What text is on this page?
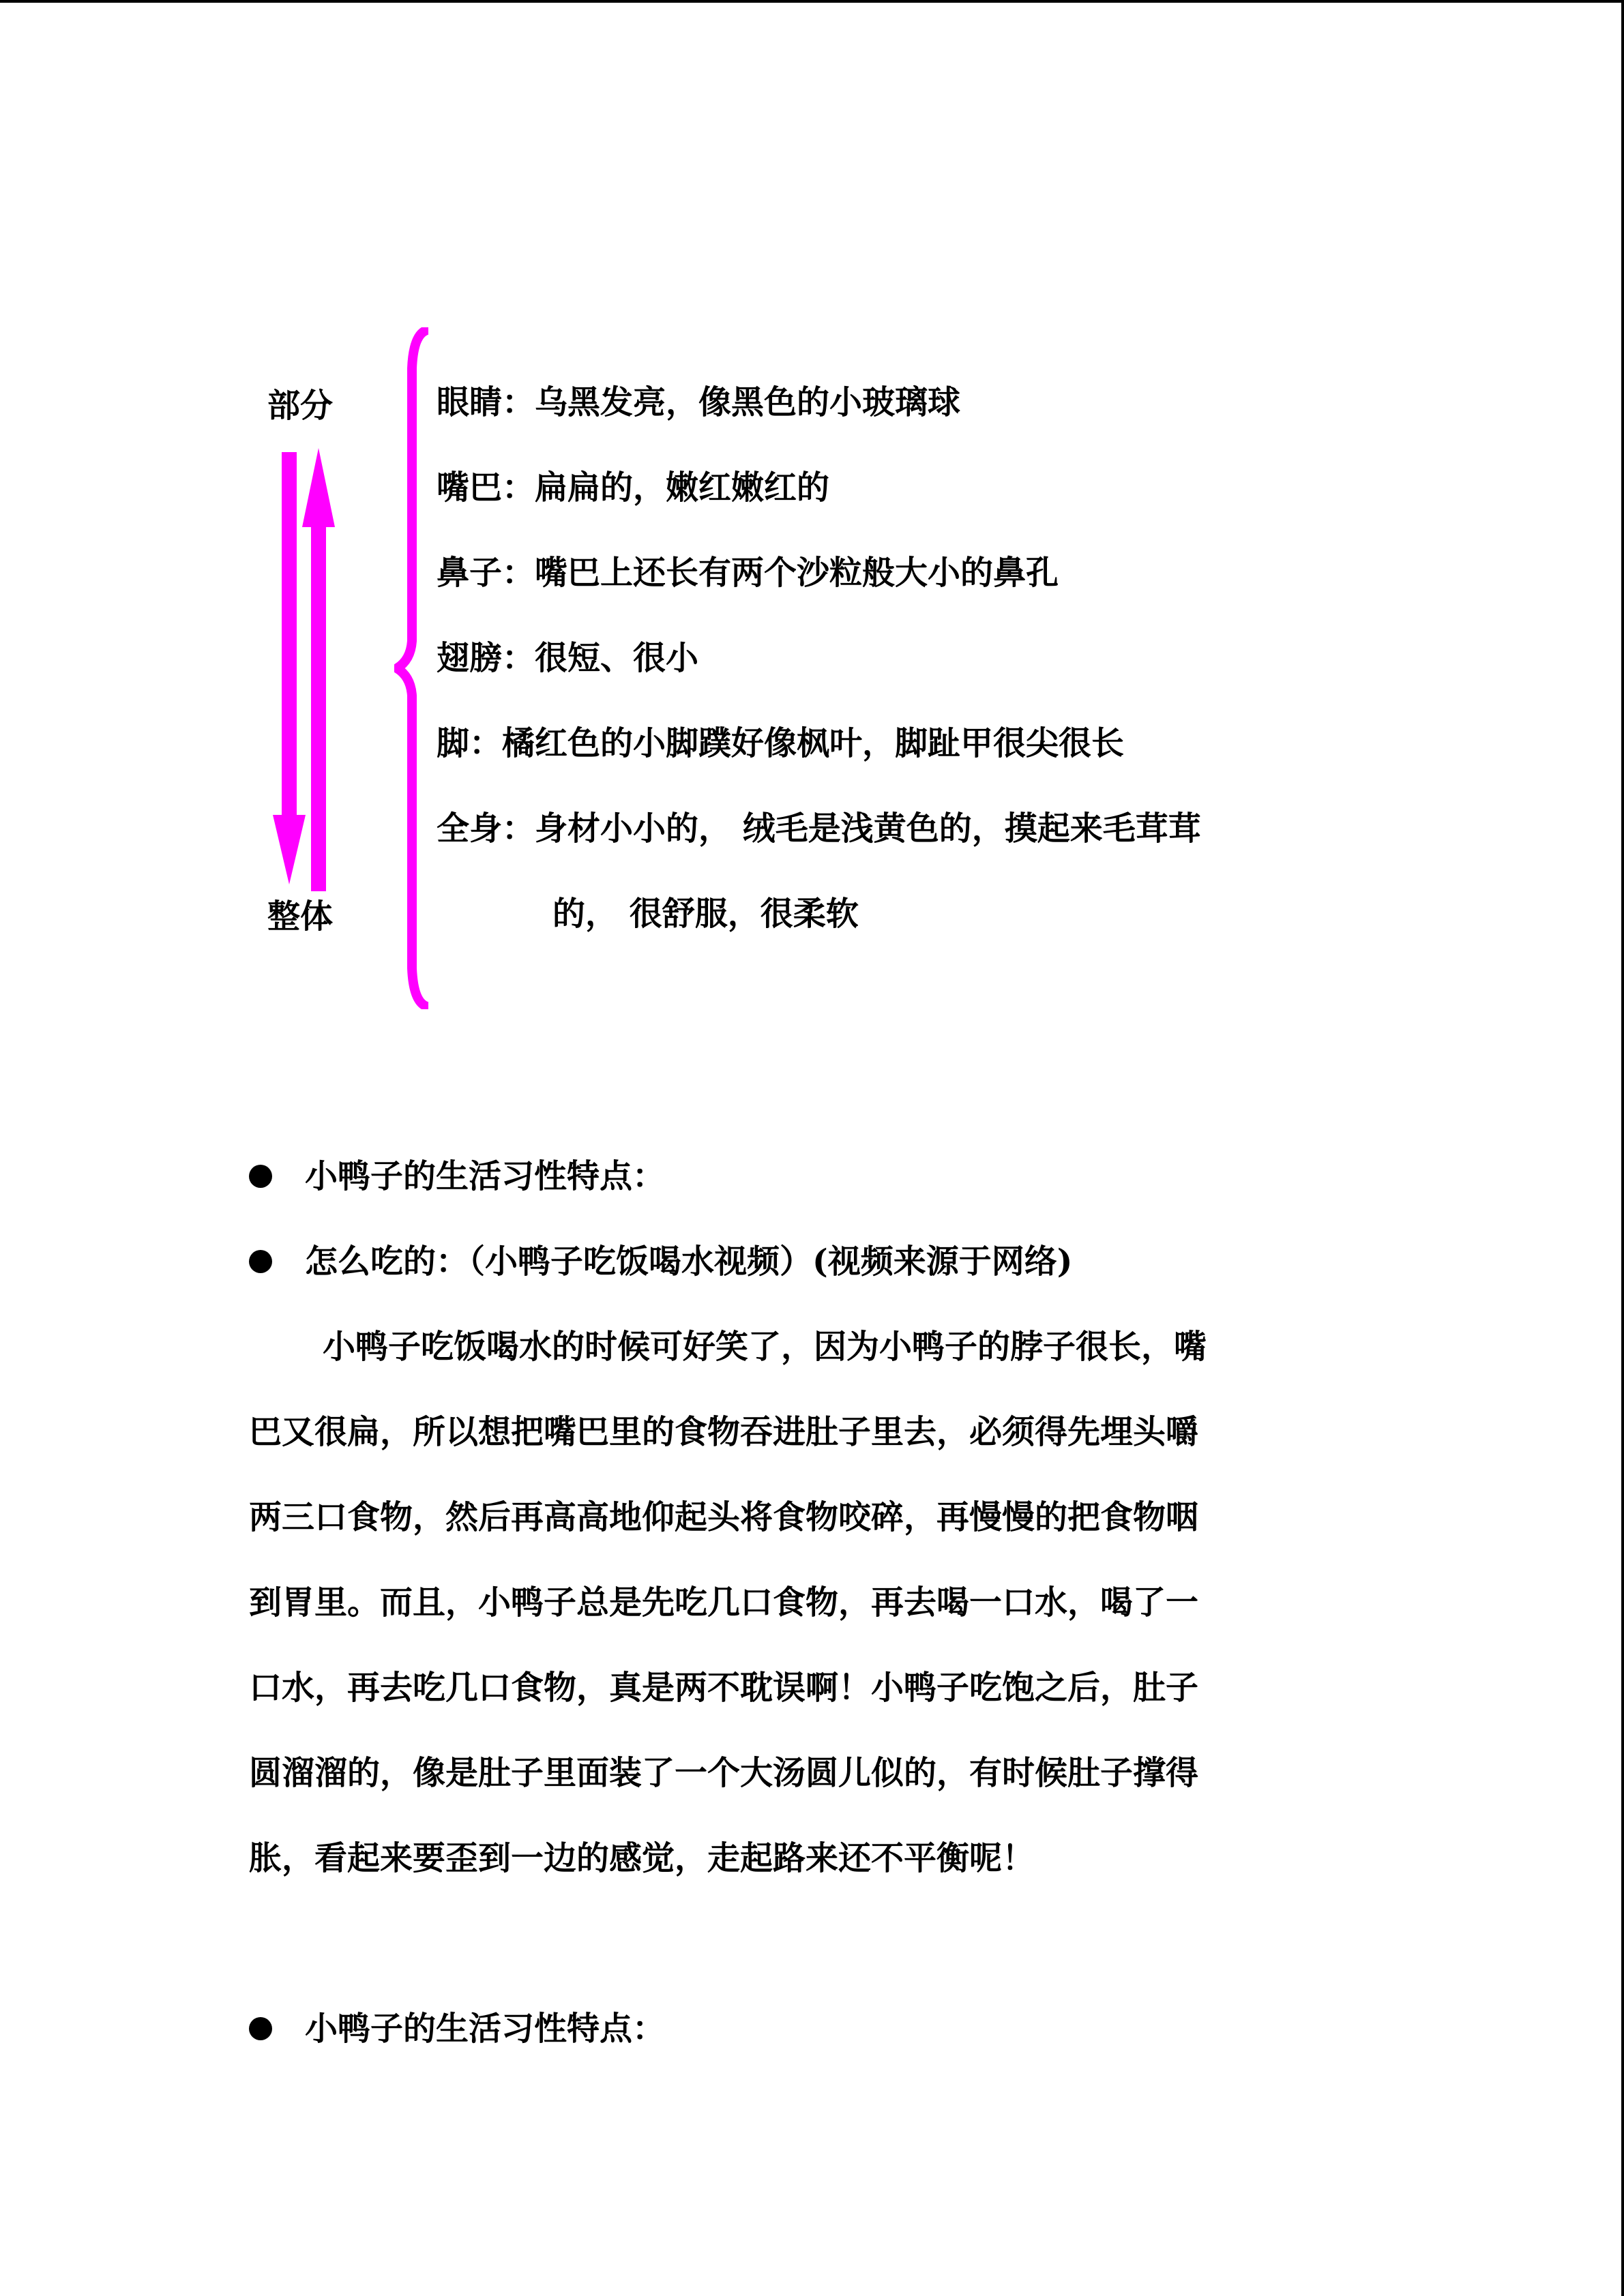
部分	眼睛：乌黑发亮，像黑色的小玻璃球
嘴巴：扁扁的，嫩红嫩红的
鼻子：嘴巴上还长有两个沙粒般大小的鼻孔
翅膀：很短、很小
脚：橘红色的小脚蹼好像枫叶，脚趾甲很尖很长
全身：身材小小的， 绒毛是浅黄色的，摸起来毛茸茸
的， 很舒服，很柔软
整体
小鸭子的生活习性特点：
怎么吃的：（小鸭子吃饭喝水视频）(视频来源于网络)
小鸭子吃饭喝水的时候可好笑了，因为小鸭子的脖子很长，嘴
巴又很扁，所以想把嘴巴里的食物吞进肚子里去，必须得先埋头嚼
两三口食物，然后再高高地仰起头将食物咬碎，再慢慢的把食物咽
到胃里。而且，小鸭子总是先吃几口食物，再去喝一口水，喝了一
口水，再去吃几口食物，真是两不耽误啊！小鸭子吃饱之后，肚子
圆溜溜的，像是肚子里面装了一个大汤圆儿似的，有时候肚子撑得
胀，看起来要歪到一边的感觉，走起路来还不平衡呢！
小鸭子的生活习性特点：
